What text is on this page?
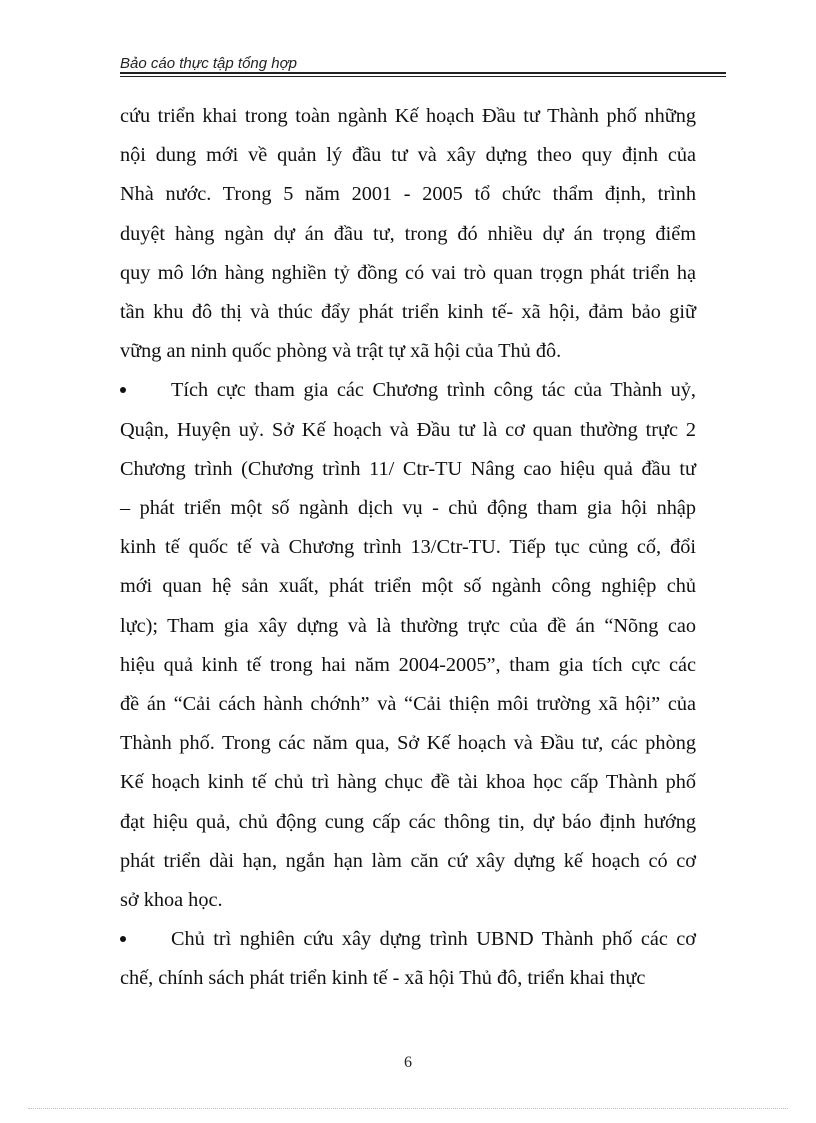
Bảo cáo thực tập tổng hợp
cứu triển khai trong toàn ngành Kế hoạch Đầu tư Thành phố những
nội dung mới về quản lý đầu tư và xây dựng theo quy định của
Nhà nước. Trong 5 năm 2001 - 2005 tổ chức thẩm định, trình
duyệt hàng ngàn dự án đầu tư, trong đó nhiều dự án trọng điểm
quy mô lớn hàng nghiền tỷ đồng có vai trò quan trọgn phát triển hạ
tần khu đô thị và thúc đẩy phát triển kinh tế- xã hội, đảm bảo giữ
vững an ninh quốc phòng và trật tự xã hội của Thủ đô.
Tích cực tham gia các Chương trình công tác của Thành uỷ,
Quận, Huyện uỷ. Sở Kế hoạch và Đầu tư là cơ quan thường trực 2
Chương trình (Chương trình 11/ Ctr-TU Nâng cao hiệu quả đầu tư
– phát triển một số ngành dịch vụ - chủ động tham gia hội nhập
kinh tế quốc tế và Chương trình 13/Ctr-TU. Tiếp tục củng cố, đổi
mới quan hệ sản xuất, phát triển một số ngành công nghiệp chủ
lực); Tham gia xây dựng và là thường trực của đề án “Nõng cao
hiệu quả kinh tế trong hai năm 2004-2005”, tham gia tích cực các
đề án “Cải cách hành chớnh” và “Cải thiện môi trường xã hội” của
Thành phố. Trong các năm qua, Sở Kế hoạch và Đầu tư, các phòng
Kế hoạch kinh tế chủ trì hàng chục đề tài khoa học cấp Thành phố
đạt hiệu quả, chủ động cung cấp các thông tin, dự báo định hướng
phát triển dài hạn, ngắn hạn làm căn cứ xây dựng kế hoạch có cơ
sở khoa học.
Chủ trì nghiên cứu xây dựng trình UBND Thành phố các cơ
chế, chính sách phát triển kinh tế - xã hội Thủ đô, triển khai thực
6
